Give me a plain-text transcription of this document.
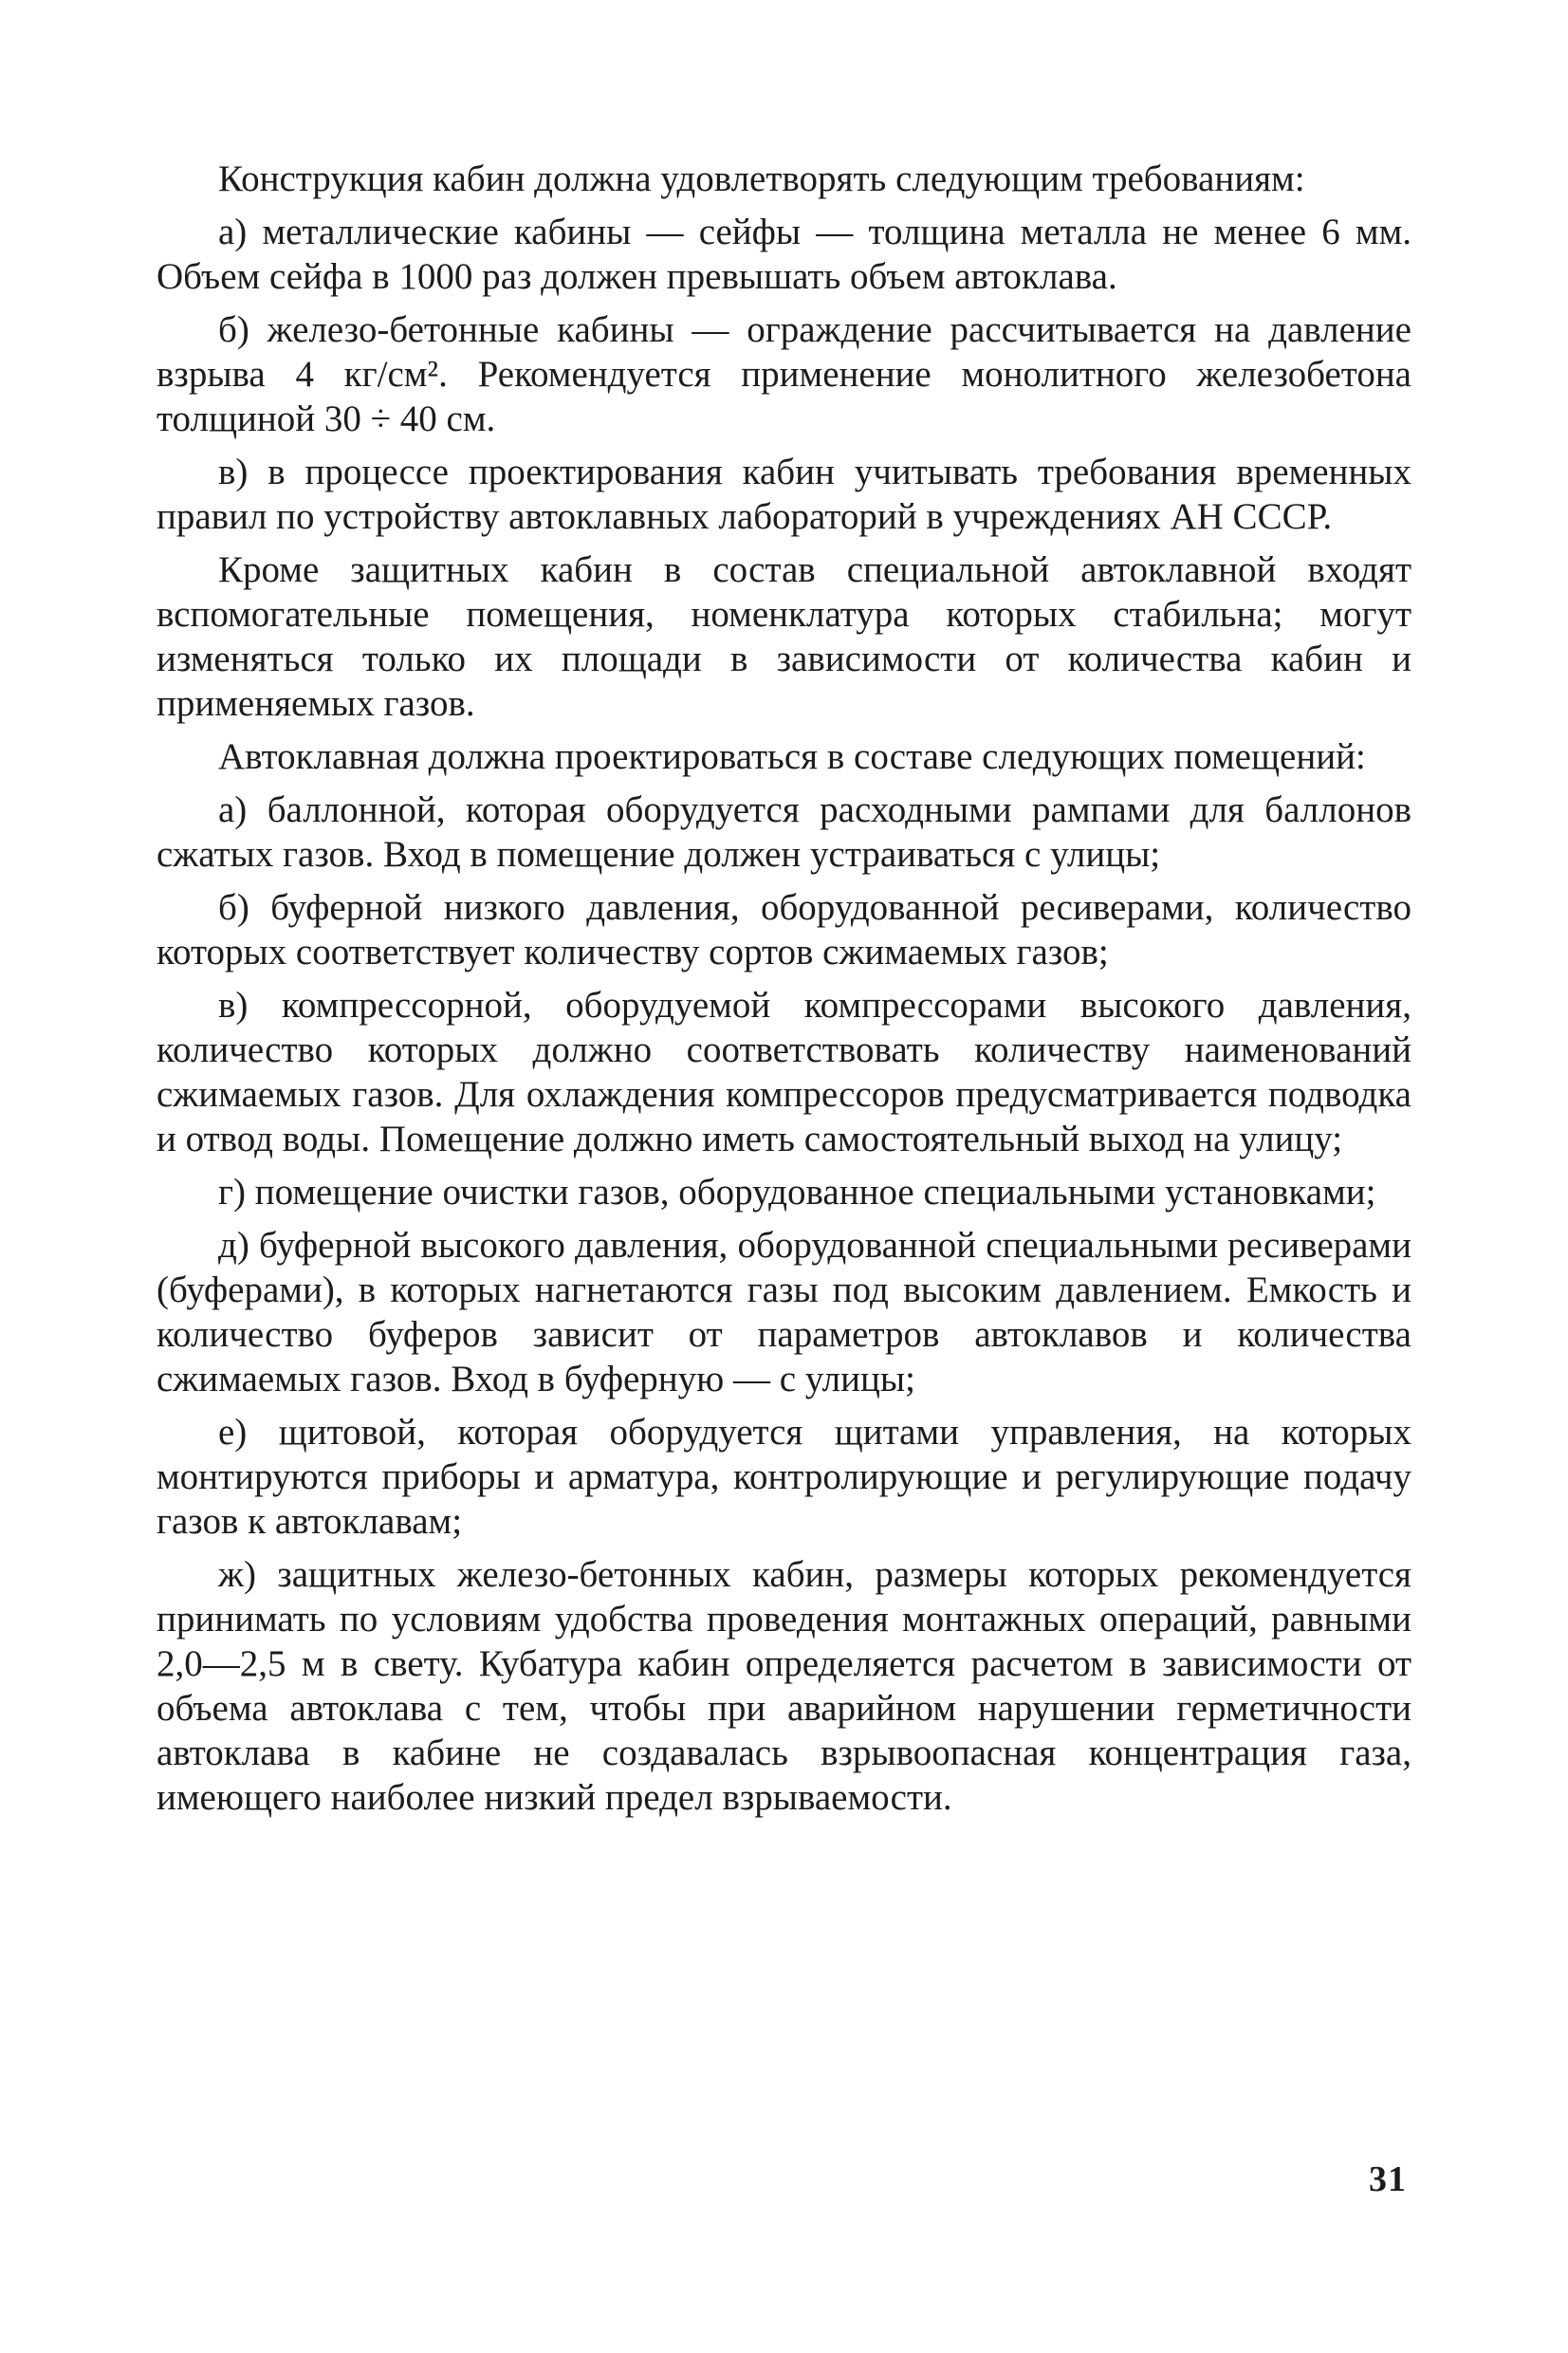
Конструкция кабин должна удовлетворять следующим требованиям:

а) металлические кабины — сейфы — толщина металла не менее 6 мм. Объем сейфа в 1000 раз должен превышать объем автоклава.

б) железо-бетонные кабины — ограждение рассчитывается на давление взрыва 4 кг/см². Рекомендуется применение монолитного железобетона толщиной 30 ÷ 40 см.

в) в процессе проектирования кабин учитывать требования временных правил по устройству автоклавных лабораторий в учреждениях АН СССР.

Кроме защитных кабин в состав специальной автоклавной входят вспомогательные помещения, номенклатура которых стабильна; могут изменяться только их площади в зависимости от количества кабин и применяемых газов.

Автоклавная должна проектироваться в составе следующих помещений:

а) баллонной, которая оборудуется расходными рампами для баллонов сжатых газов. Вход в помещение должен устраиваться с улицы;

б) буферной низкого давления, оборудованной ресиверами, количество которых соответствует количеству сортов сжимаемых газов;

в) компрессорной, оборудуемой компрессорами высокого давления, количество которых должно соответствовать количеству наименований сжимаемых газов. Для охлаждения компрессоров предусматривается подводка и отвод воды. Помещение должно иметь самостоятельный выход на улицу;

г) помещение очистки газов, оборудованное специальными установками;

д) буферной высокого давления, оборудованной специальными ресиверами (буферами), в которых нагнетаются газы под высоким давлением. Емкость и количество буферов зависит от параметров автоклавов и количества сжимаемых газов. Вход в буферную — с улицы;

е) щитовой, которая оборудуется щитами управления, на которых монтируются приборы и арматура, контролирующие и регулирующие подачу газов к автоклавам;

ж) защитных железо-бетонных кабин, размеры которых рекомендуется принимать по условиям удобства проведения монтажных операций, равными 2,0—2,5 м в свету. Кубатура кабин определяется расчетом в зависимости от объема автоклава с тем, чтобы при аварийном нарушении герметичности автоклава в кабине не создавалась взрывоопасная концентрация газа, имеющего наиболее низкий предел взрываемости.

31
